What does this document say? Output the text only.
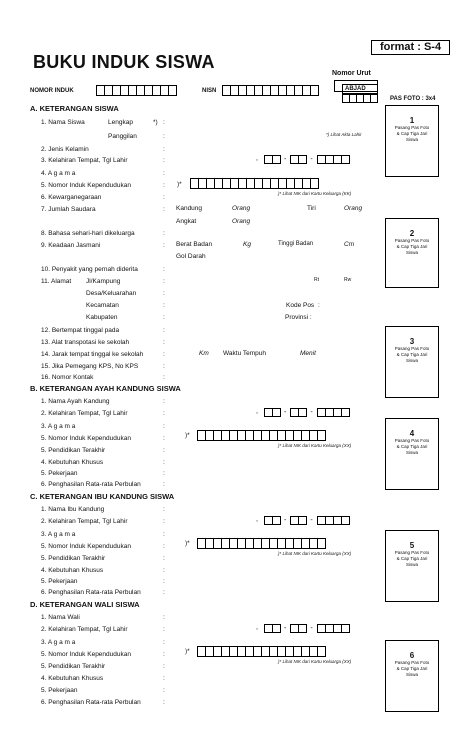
format : S-4
BUKU INDUK SISWA
Nomor Urut
NOMOR INDUK	NISN	ABJAD
PAS FOTO : 3x4
1
Pasang Pas Foto
& Cap Tiga Jari
Siswa
2
Pasang Pas Foto
& Cap Tiga Jari
Siswa
3
Pasang Pas Foto
& Cap Tiga Jari
Siswa
4
Pasang Pas Foto
& Cap Tiga Jari
Siswa
5
Pasang Pas Foto
& Cap Tiga Jari
Siswa
6
Pasang Pas Foto
& Cap Tiga Jari
Siswa
A. KETERANGAN SISWA
1. Nama Siswa	Lengkap	*) :
Panggilan	:	*) Lihat Akta Lahir
2. Jenis Kelamin	:
3. Kelahiran Tempat, Tgl Lahir	:	,	-	-
4. A g a m a	:
5. Nomor Induk Kependudukan	: )*
)* Lihat NIK dari Kartu Keluarga (KK)
6. Kewarganegaraan	:
7. Jumlah Saudara	: Kandung	Orang	Tiri	Orang
Angkat	Orang
8. Bahasa sehari-hari dikeluarga	:
9. Keadaan Jasmani	: Berat Badan	Kg	Tinggi Badan	Cm
Gol Darah
10. Penyakit yang pernah diderita	:
11. Alamat Jl/Kampung	:	Rt	Rw
Desa/Keluarahan	:
Kecamatan	:	Kode Pos :
Kabupaten	:	Provinsi :
12. Bertempat tinggal pada	:
13. Alat transpotasi ke sekolah	:
14. Jarak tempat tinggal ke sekolah	:	Km Waktu Tempuh	Menit
15. Jika Pemegang KPS, No KPS	:
16. Nomor Kontak	:
B. KETERANGAN AYAH KANDUNG SISWA
1. Nama Ayah Kandung	:
2. Kelahiran Tempat, Tgl Lahir	:	,	-	-
3. A g a m a	:
5. Nomor Induk Kependudukan	:	)*
)* Lihat NIK dari Kartu Keluarga (XX)
5. Pendidikan Terakhir	:
4. Kebutuhan Khusus	:
5. Pekerjaan	:
6. Penghasilan Rata-rata Perbulan	:
C. KETERANGAN IBU KANDUNG SISWA
1. Nama Ibu Kandung	:
2. Kelahiran Tempat, Tgl Lahir	:	,	-	-
3. A g a m a	:
5. Nomor Induk Kependudukan	:	)*
)* Lihat NIK dari Kartu Keluarga (XX)
5. Pendidikan Terakhir	:
4. Kebutuhan Khusus	:
5. Pekerjaan	:
6. Penghasilan Rata-rata Perbulan	:
D. KETERANGAN WALI SISWA
1. Nama Wali	:
2. Kelahiran Tempat, Tgl Lahir	:	,	-	-
3. A g a m a	:
5. Nomor Induk Kependudukan	:	)*
)* Lihat NIK dari Kartu Keluarga (XX)
5. Pendidikan Terakhir	:
4. Kebutuhan Khusus	:
5. Pekerjaan	:
6. Penghasilan Rata-rata Perbulan	:
